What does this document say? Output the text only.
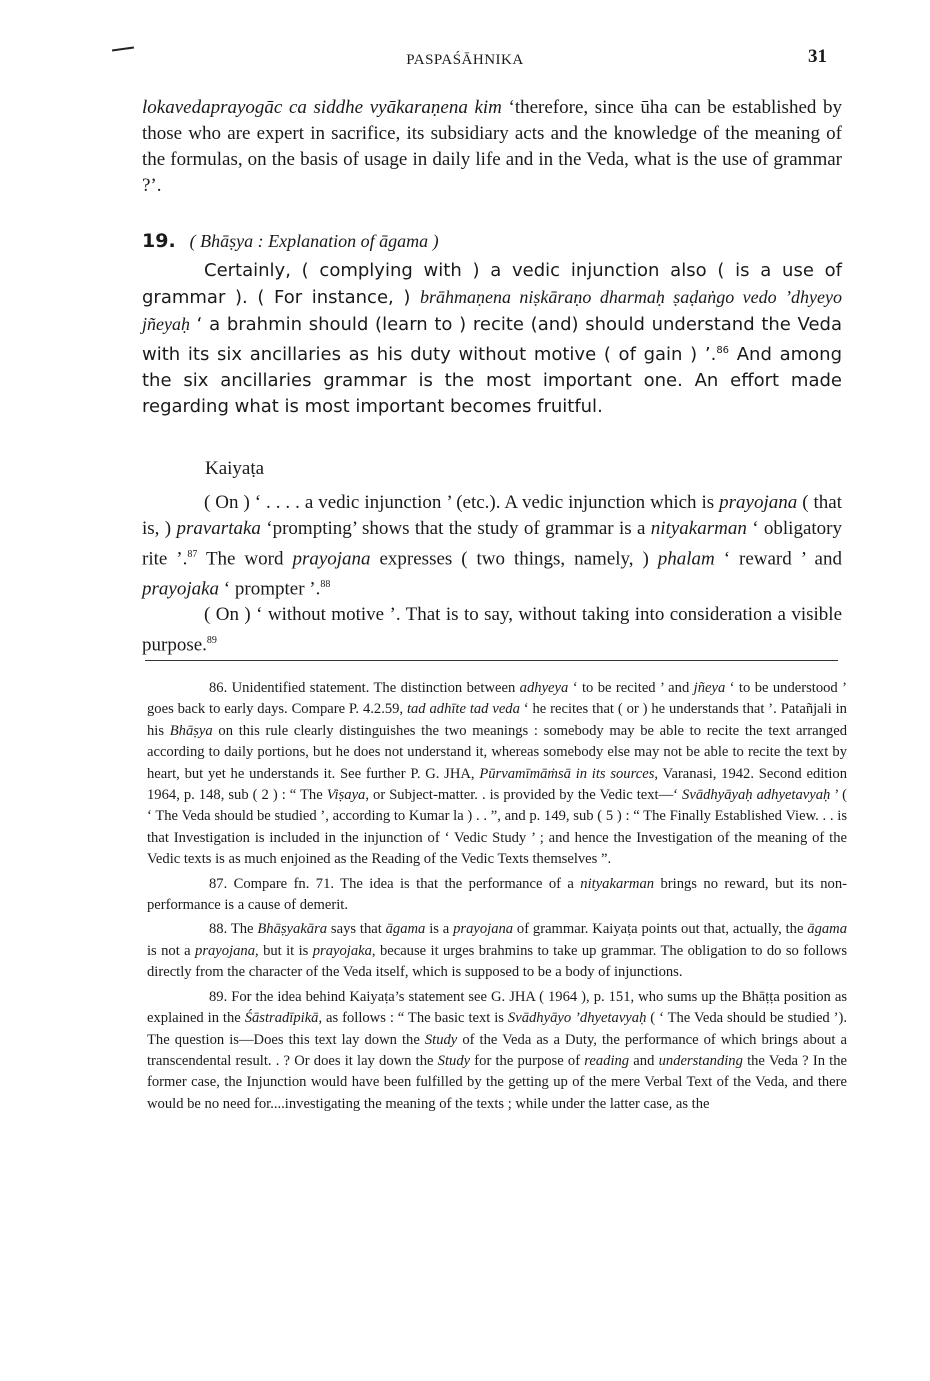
PASPAŚĀHNIKA	31

lokavedaprayogāc ca siddhe vyākaraṇena kim ‘therefore, since ūha can be established by those who are expert in sacrifice, its subsidiary acts and the knowledge of the meaning of the formulas, on the basis of usage in daily life and in the Veda, what is the use of grammar ?’.

19. ( Bhāṣya : Explanation of āgama )

Certainly, ( complying with ) a vedic injunction also ( is a use of grammar ). ( For instance, ) brāhmaṇena niṣkāraṇo dharmaḥ ṣaḍaṅgo vedo ’dhyeyo jñeyaḥ ‘ a brahmin should (learn to ) recite (and) should understand the Veda with its six ancillaries as his duty without motive ( of gain ) ’.$^{86}$ And among the six ancillaries grammar is the most important one. An effort made regarding what is most important becomes fruitful.

Kaiyaṭa

( On ) ‘ . . . . a vedic injunction ’ (etc.). A vedic injunction which is prayojana ( that is, ) pravartaka ‘prompting’ shows that the study of grammar is a nityakarman ‘ obligatory rite ’.$^{87}$ The word prayojana expresses ( two things, namely, ) phalam ‘ reward ’ and prayojaka ‘ prompter ’.$^{88}$

( On ) ‘ without motive ’. That is to say, without taking into consideration a visible purpose.$^{89}$

86. Unidentified statement. The distinction between adhyeya ‘ to be recited ’ and jñeya ‘ to be understood ’ goes back to early days. Compare P. 4.2.59, tad adhīte tad veda ‘ he recites that ( or ) he understands that ’. Patañjali in his Bhāṣya on this rule clearly distinguishes the two meanings : somebody may be able to recite the text arranged according to daily portions, but he does not understand it, whereas somebody else may not be able to recite the text by heart, but yet he understands it. See further P. G. JHA, Pūrvamīmāṁsā in its sources, Varanasi, 1942. Second edition 1964, p. 148, sub ( 2 ) : “ The Viṣaya, or Subject-matter. . is provided by the Vedic text—‘ Svādhyāyaḥ adhyetavyaḥ ’ ( ‘ The Veda should be studied ’, according to Kumar la ) . . ”, and p. 149, sub ( 5 ) : “ The Finally Established View. . . is that Investigation is included in the injunction of ‘ Vedic Study ’ ; and hence the Investigation of the meaning of the Vedic texts is as much enjoined as the Reading of the Vedic Texts themselves ”.

87. Compare fn. 71. The idea is that the performance of a nityakarman brings no reward, but its non-performance is a cause of demerit.

88. The Bhāṣyakāra says that āgama is a prayojana of grammar. Kaiyaṭa points out that, actually, the āgama is not a prayojana, but it is prayojaka, because it urges brahmins to take up grammar. The obligation to do so follows directly from the character of the Veda itself, which is supposed to be a body of injunctions.

89. For the idea behind Kaiyaṭa’s statement see G. JHA ( 1964 ), p. 151, who sums up the Bhāṭṭa position as explained in the Śāstradīpikā, as follows : “ The basic text is Svādhyāyo ’dhyetavyaḥ ( ‘ The Veda should be studied ’). The question is—Does this text lay down the Study of the Veda as a Duty, the performance of which brings about a transcendental result. . ? Or does it lay down the Study for the purpose of reading and understanding the Veda ? In the former case, the Injunction would have been fulfilled by the getting up of the mere Verbal Text of the Veda, and there would be no need for....investigating the meaning of the texts ; while under the latter case, as the
